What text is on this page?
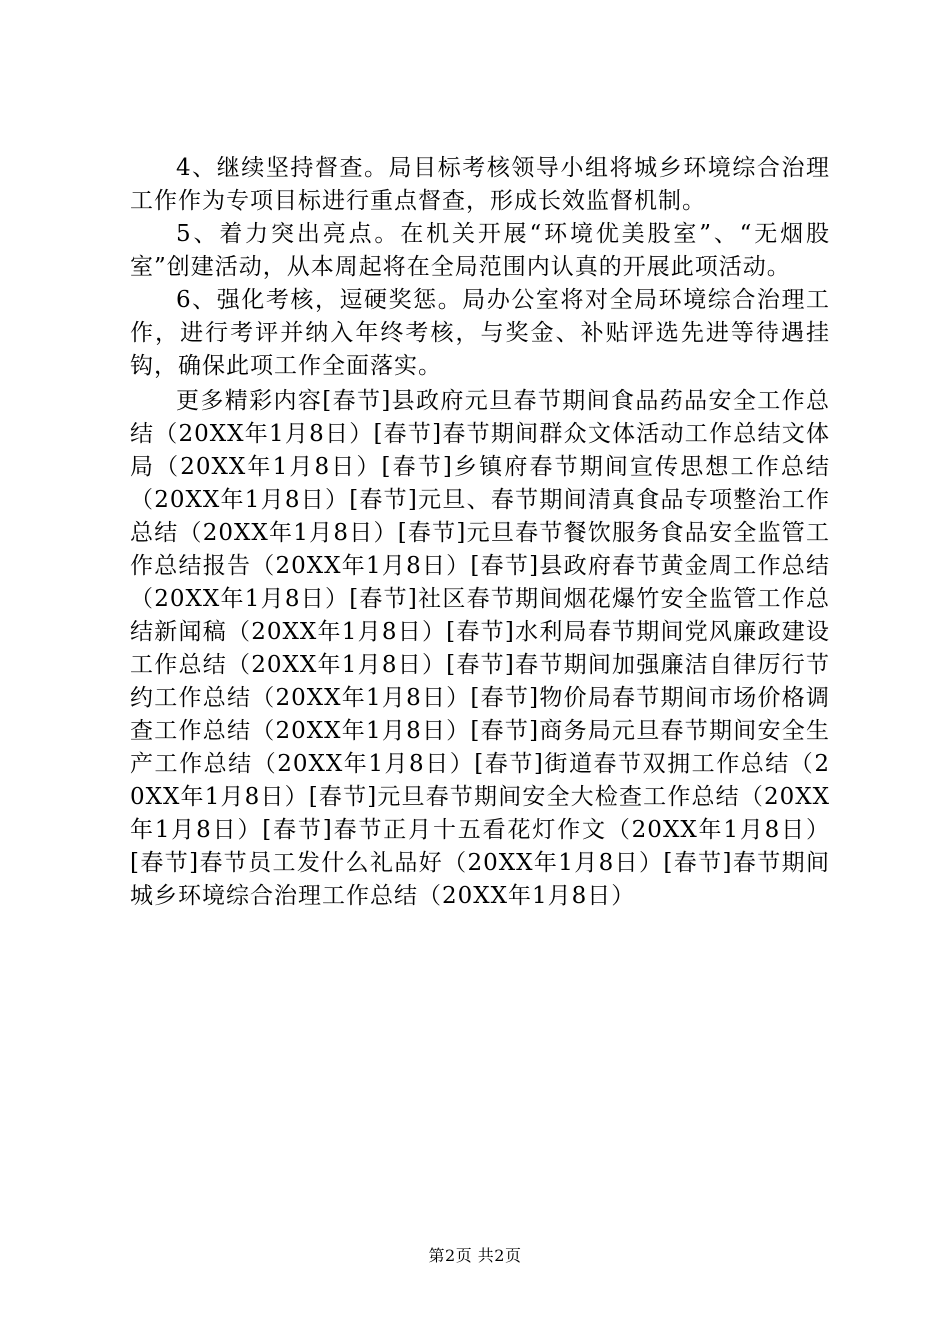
4、继续坚持督查。局目标考核领导小组将城乡环境综合治理工作作为专项目标进行重点督查，形成长效监督机制。

5、着力突出亮点。在机关开展“环境优美股室”、“无烟股室”创建活动，从本周起将在全局范围内认真的开展此项活动。

6、强化考核，逗硬奖惩。局办公室将对全局环境综合治理工作，进行考评并纳入年终考核，与奖金、补贴评选先进等待遇挂钩，确保此项工作全面落实。

更多精彩内容[春节]县政府元旦春节期间食品药品安全工作总结（20XX年1月8日）[春节]春节期间群众文体活动工作总结文体局（20XX年1月8日）[春节]乡镇府春节期间宣传思想工作总结（20XX年1月8日）[春节]元旦、春节期间清真食品专项整治工作总结（20XX年1月8日）[春节]元旦春节餐饮服务食品安全监管工作总结报告（20XX年1月8日）[春节]县政府春节黄金周工作总结（20XX年1月8日）[春节]社区春节期间烟花爆竹安全监管工作总结新闻稿（20XX年1月8日）[春节]水利局春节期间党风廉政建设工作总结（20XX年1月8日）[春节]春节期间加强廉洁自律厉行节约工作总结（20XX年1月8日）[春节]物价局春节期间市场价格调查工作总结（20XX年1月8日）[春节]商务局元旦春节期间安全生产工作总结（20XX年1月8日）[春节]街道春节双拥工作总结（20XX年1月8日）[春节]元旦春节期间安全大检查工作总结（20XX年1月8日）[春节]春节正月十五看花灯作文（20XX年1月8日）[春节]春节员工发什么礼品好（20XX年1月8日）[春节]春节期间城乡环境综合治理工作总结（20XX年1月8日）

第2页 共2页
